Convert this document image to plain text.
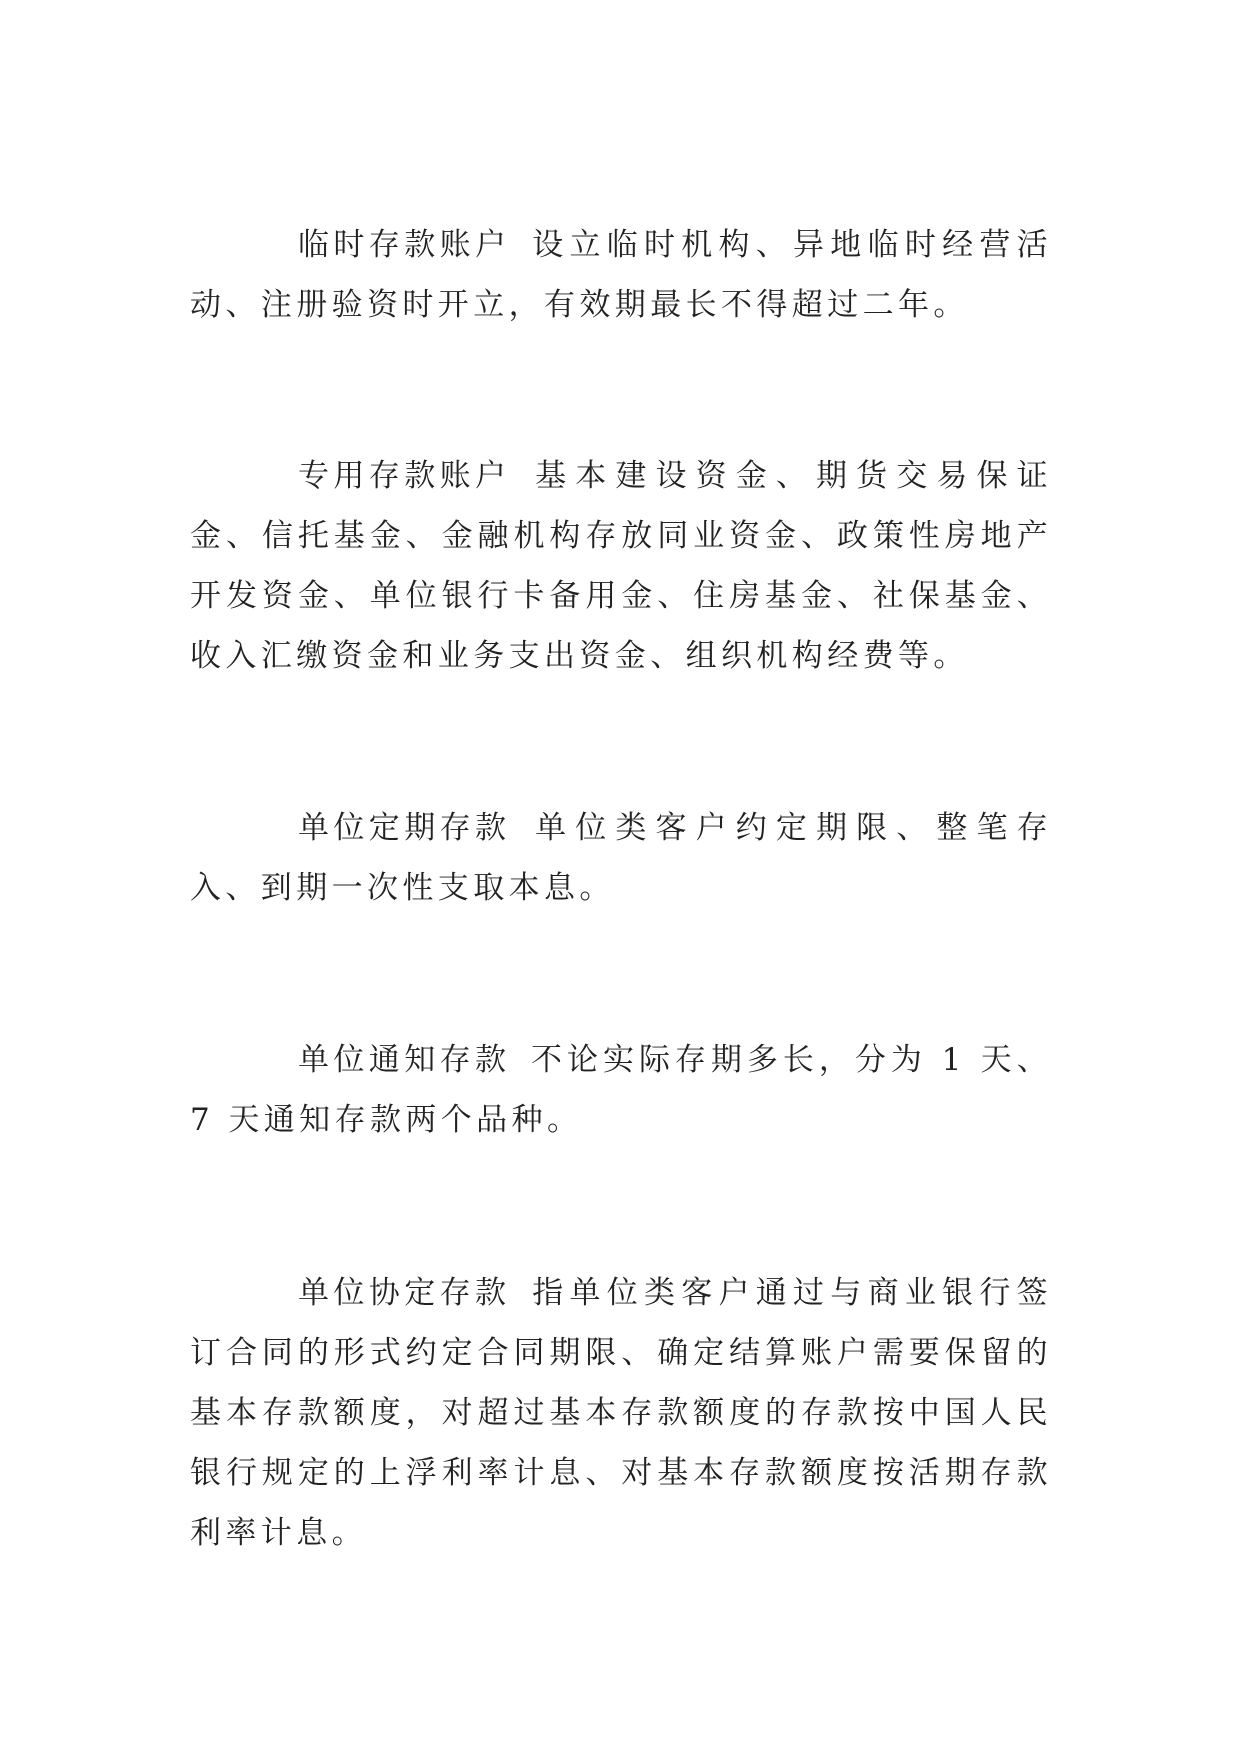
临时存款账户 设立临时机构、异地临时经营活动、注册验资时开立，有效期最长不得超过二年。

专用存款账户 基本建设资金、期货交易保证金、信托基金、金融机构存放同业资金、政策性房地产开发资金、单位银行卡备用金、住房基金、社保基金、收入汇缴资金和业务支出资金、组织机构经费等。

单位定期存款 单位类客户约定期限、整笔存入、到期一次性支取本息。

单位通知存款 不论实际存期多长，分为 1 天、7 天通知存款两个品种。

单位协定存款 指单位类客户通过与商业银行签订合同的形式约定合同期限、确定结算账户需要保留的基本存款额度，对超过基本存款额度的存款按中国人民银行规定的上浮利率计息、对基本存款额度按活期存款利率计息。
